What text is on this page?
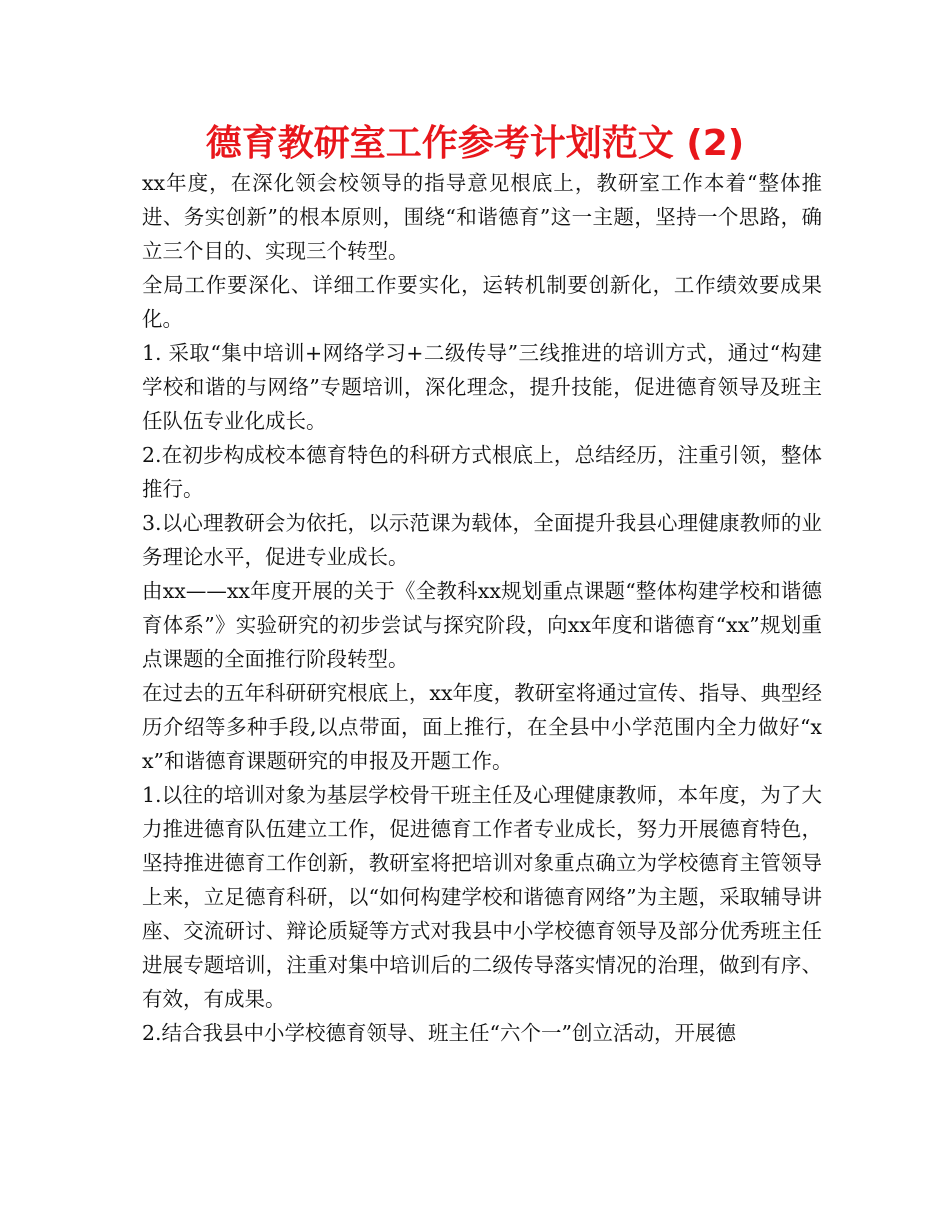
德育教研室工作参考计划范文 (2)

xx年度，在深化领会校领导的指导意见根底上，教研室工作本着“整体推进、务实创新”的根本原则，围绕“和谐德育”这一主题，坚持一个思路，确立三个目的、实现三个转型。

全局工作要深化、详细工作要实化，运转机制要创新化，工作绩效要成果化。

1. 采取“集中培训+网络学习+二级传导”三线推进的培训方式，通过“构建学校和谐的与网络”专题培训，深化理念，提升技能，促进德育领导及班主任队伍专业化成长。

2.在初步构成校本德育特色的科研方式根底上，总结经历，注重引领，整体推行。

3.以心理教研会为依托，以示范课为载体，全面提升我县心理健康教师的业务理论水平，促进专业成长。

由xx——xx年度开展的关于《全教科xx规划重点课题“整体构建学校和谐德育体系”》实验研究的初步尝试与探究阶段，向xx年度和谐德育“xx”规划重点课题的全面推行阶段转型。

在过去的五年科研研究根底上，xx年度，教研室将通过宣传、指导、典型经历介绍等多种手段,以点带面，面上推行，在全县中小学范围内全力做好“xx”和谐德育课题研究的申报及开题工作。

1.以往的培训对象为基层学校骨干班主任及心理健康教师，本年度，为了大力推进德育队伍建立工作，促进德育工作者专业成长，努力开展德育特色，坚持推进德育工作创新，教研室将把培训对象重点确立为学校德育主管领导上来，立足德育科研，以“如何构建学校和谐德育网络”为主题，采取辅导讲座、交流研讨、辩论质疑等方式对我县中小学校德育领导及部分优秀班主任进展专题培训，注重对集中培训后的二级传导落实情况的治理，做到有序、有效，有成果。

2.结合我县中小学校德育领导、班主任“六个一”创立活动，开展德
